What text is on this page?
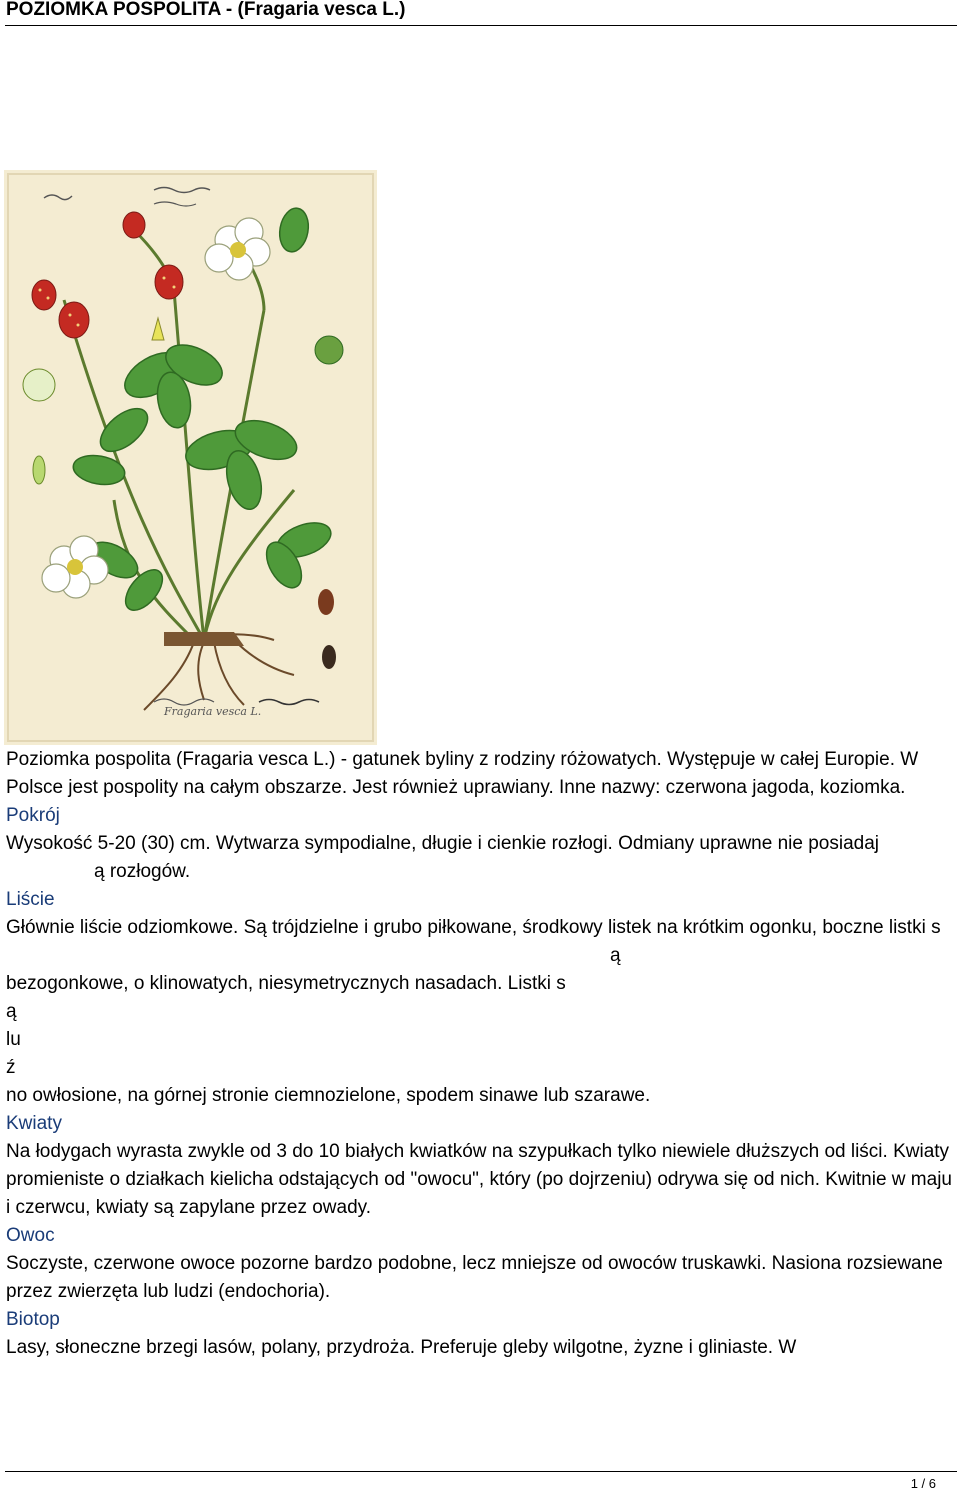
POZIOMKA POSPOLITA - (Fragaria vesca L.)
Fragaria vesca L.

Poziomka pospolita (Fragaria vesca L.) - gatunek byliny z rodziny różowatych. Występuje w całej Europie. W Polsce jest pospolity na całym obszarze. Jest również uprawiany. Inne nazwy: czerwona jagoda, koziomka.

Pokrój

Wysokość 5-20 (30) cm. Wytwarza sympodialne, długie i cienkie rozłogi. Odmiany uprawne nie posiadają rozłogów.

Liście

Głównie liście odziomkowe. Są trójdzielne i grubo piłkowane, środkowy listek na krótkim ogonku, boczne listki są

bezogonkowe, o klinowatych, niesymetrycznych nasadach. Listki s

ą

lu

ź

no owłosione, na górnej stronie ciemnozielone, spodem sinawe lub szarawe.

Kwiaty

Na łodygach wyrasta zwykle od 3 do 10 białych kwiatków na szypułkach tylko niewiele dłuższych od liści. Kwiaty promieniste o działkach kielicha odstających od "owocu", który (po dojrzeniu) odrywa się od nich. Kwitnie w maju i czerwcu, kwiaty są zapylane przez owady.

Owoc

Soczyste, czerwone owoce pozorne bardzo podobne, lecz mniejsze od owoców truskawki. Nasiona rozsiewane przez zwierzęta lub ludzi (endochoria).

Biotop

Lasy, słoneczne brzegi lasów, polany, przydroża. Preferuje gleby wilgotne, żyzne i gliniaste. W

1 / 6
